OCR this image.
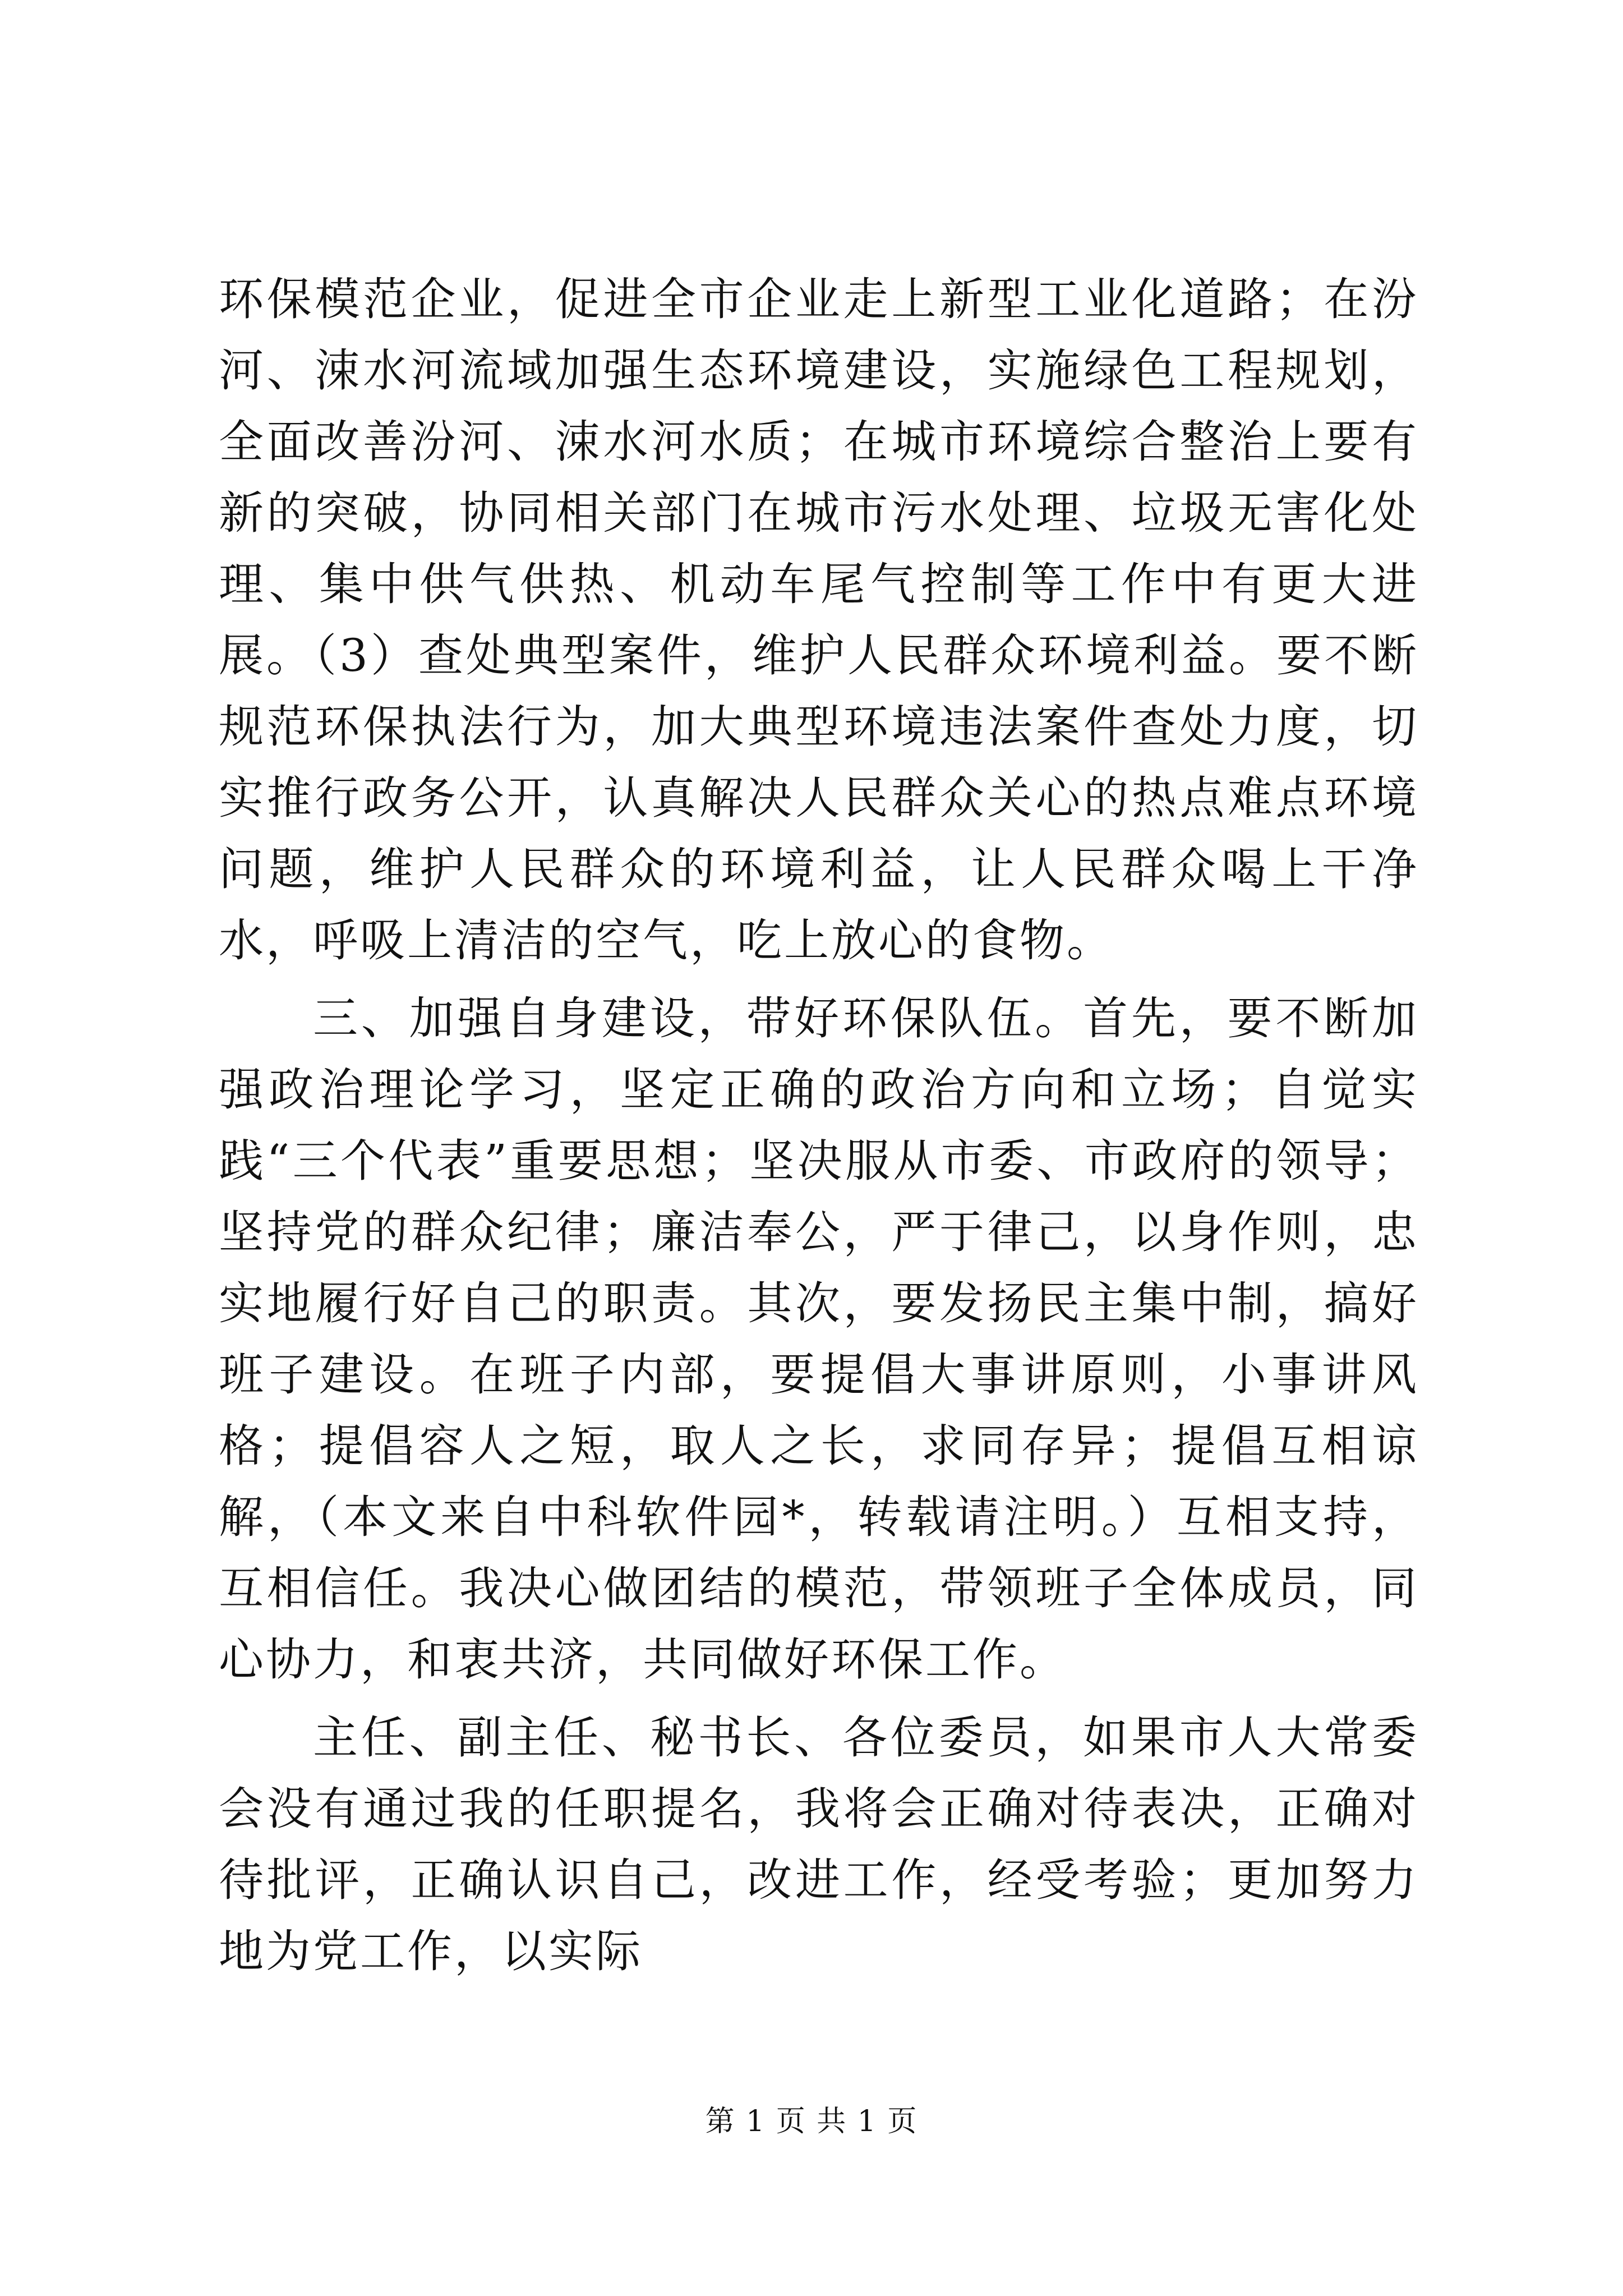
环保模范企业，促进全市企业走上新型工业化道路；在汾河、涑水河流域加强生态环境建设，实施绿色工程规划，全面改善汾河、涑水河水质；在城市环境综合整治上要有新的突破，协同相关部门在城市污水处理、垃圾无害化处理、集中供气供热、机动车尾气控制等工作中有更大进展。（3）查处典型案件，维护人民群众环境利益。要不断规范环保执法行为，加大典型环境违法案件查处力度，切实推行政务公开，认真解决人民群众关心的热点难点环境问题，维护人民群众的环境利益，让人民群众喝上干净水，呼吸上清洁的空气，吃上放心的食物。

三、加强自身建设，带好环保队伍。首先，要不断加强政治理论学习，坚定正确的政治方向和立场；自觉实践“三个代表”重要思想；坚决服从市委、市政府的领导；坚持党的群众纪律；廉洁奉公，严于律己，以身作则，忠实地履行好自己的职责。其次，要发扬民主集中制，搞好班子建设。在班子内部，要提倡大事讲原则，小事讲风格；提倡容人之短，取人之长，求同存异；提倡互相谅解，（本文来自中科软件园*，转载请注明。）互相支持，互相信任。我决心做团结的模范，带领班子全体成员，同心协力，和衷共济，共同做好环保工作。

主任、副主任、秘书长、各位委员，如果市人大常委会没有通过我的任职提名，我将会正确对待表决，正确对待批评，正确认识自己，改进工作，经受考验；更加努力地为党工作，以实际

第 1 页 共 1 页
